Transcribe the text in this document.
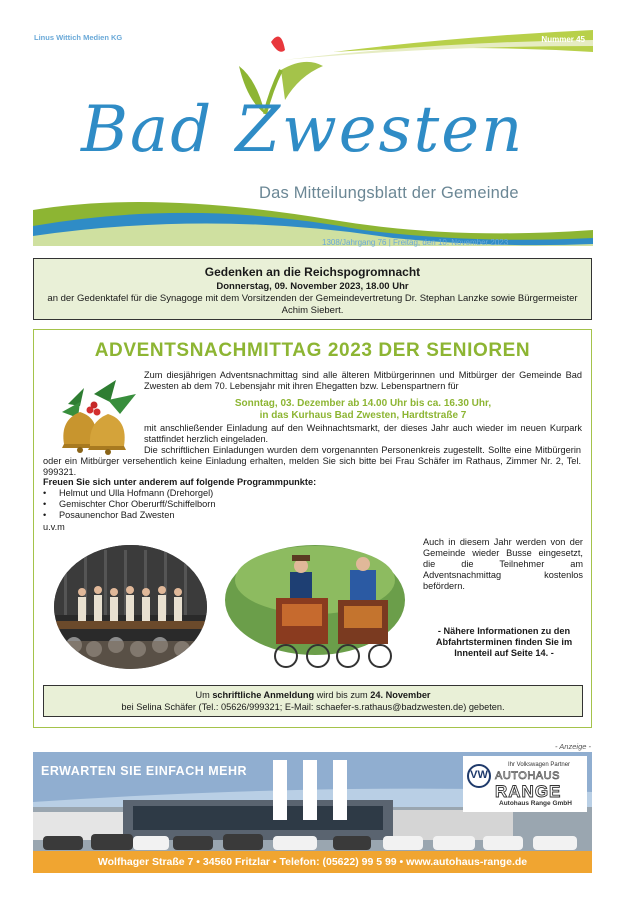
Linus Wittich Medien KG	Nummer 45
Bad Zwesten
Das Mitteilungsblatt der Gemeinde
1308/Jahrgang 76 | Freitag, den 10. November 2023
Gedenken an die Reichspogromnacht
Donnerstag, 09. November 2023, 18.00 Uhr
an der Gedenktafel für die Synagoge mit dem Vorsitzenden der Gemeindevertretung Dr. Stephan Lanzke sowie Bürgermeister Achim Siebert.
ADVENTSNACHMITTAG 2023 DER SENIOREN
Zum diesjährigen Adventsnachmittag sind alle älteren Mitbürgerinnen und Mitbürger der Gemeinde Bad Zwesten ab dem 70. Lebensjahr mit ihren Ehegatten bzw. Lebenspartnern für
Sonntag, 03. Dezember ab 14.00 Uhr bis ca. 16.30 Uhr,
in das Kurhaus Bad Zwesten, Hardtstraße 7
mit anschließender Einladung auf den Weihnachtsmarkt, der dieses Jahr auch wieder im neuen Kurpark stattfindet herzlich eingeladen.
Die schriftlichen Einladungen wurden dem vorgenannten Personenkreis zugestellt. Sollte eine Mitbürgerin oder ein Mitbürger versehentlich keine Einladung erhalten, melden Sie sich bitte bei Frau Schäfer im Rathaus, Zimmer Nr. 2, Tel. 999321.
Freuen Sie sich unter anderem auf folgende Programmpunkte:
• Helmut und Ulla Hofmann (Drehorgel)
• Gemischter Chor Oberurff/Schiffelborn
• Posaunenchor Bad Zwesten
u.v.m
Auch in diesem Jahr werden von der Gemeinde wieder Busse eingesetzt, die die Teilnehmer am Adventsnachmittag kostenlos befördern.
- Nähere Informationen zu den Abfahrtsterminen finden Sie im Innenteil auf Seite 14. -
Um schriftliche Anmeldung wird bis zum 24. November
bei Selina Schäfer (Tel.: 05626/999321; E-Mail: schaefer-s.rathaus@badzwesten.de) gebeten.
- Anzeige -
ERWARTEN SIE EINFACH MEHR	VW
Ihr Volkswagen Partner
AUTOHAUS
RANGE
Autohaus Range GmbH
Wolfhager Straße 7 • 34560 Fritzlar • Telefon: (05622) 99 5 99 • www.autohaus-range.de
